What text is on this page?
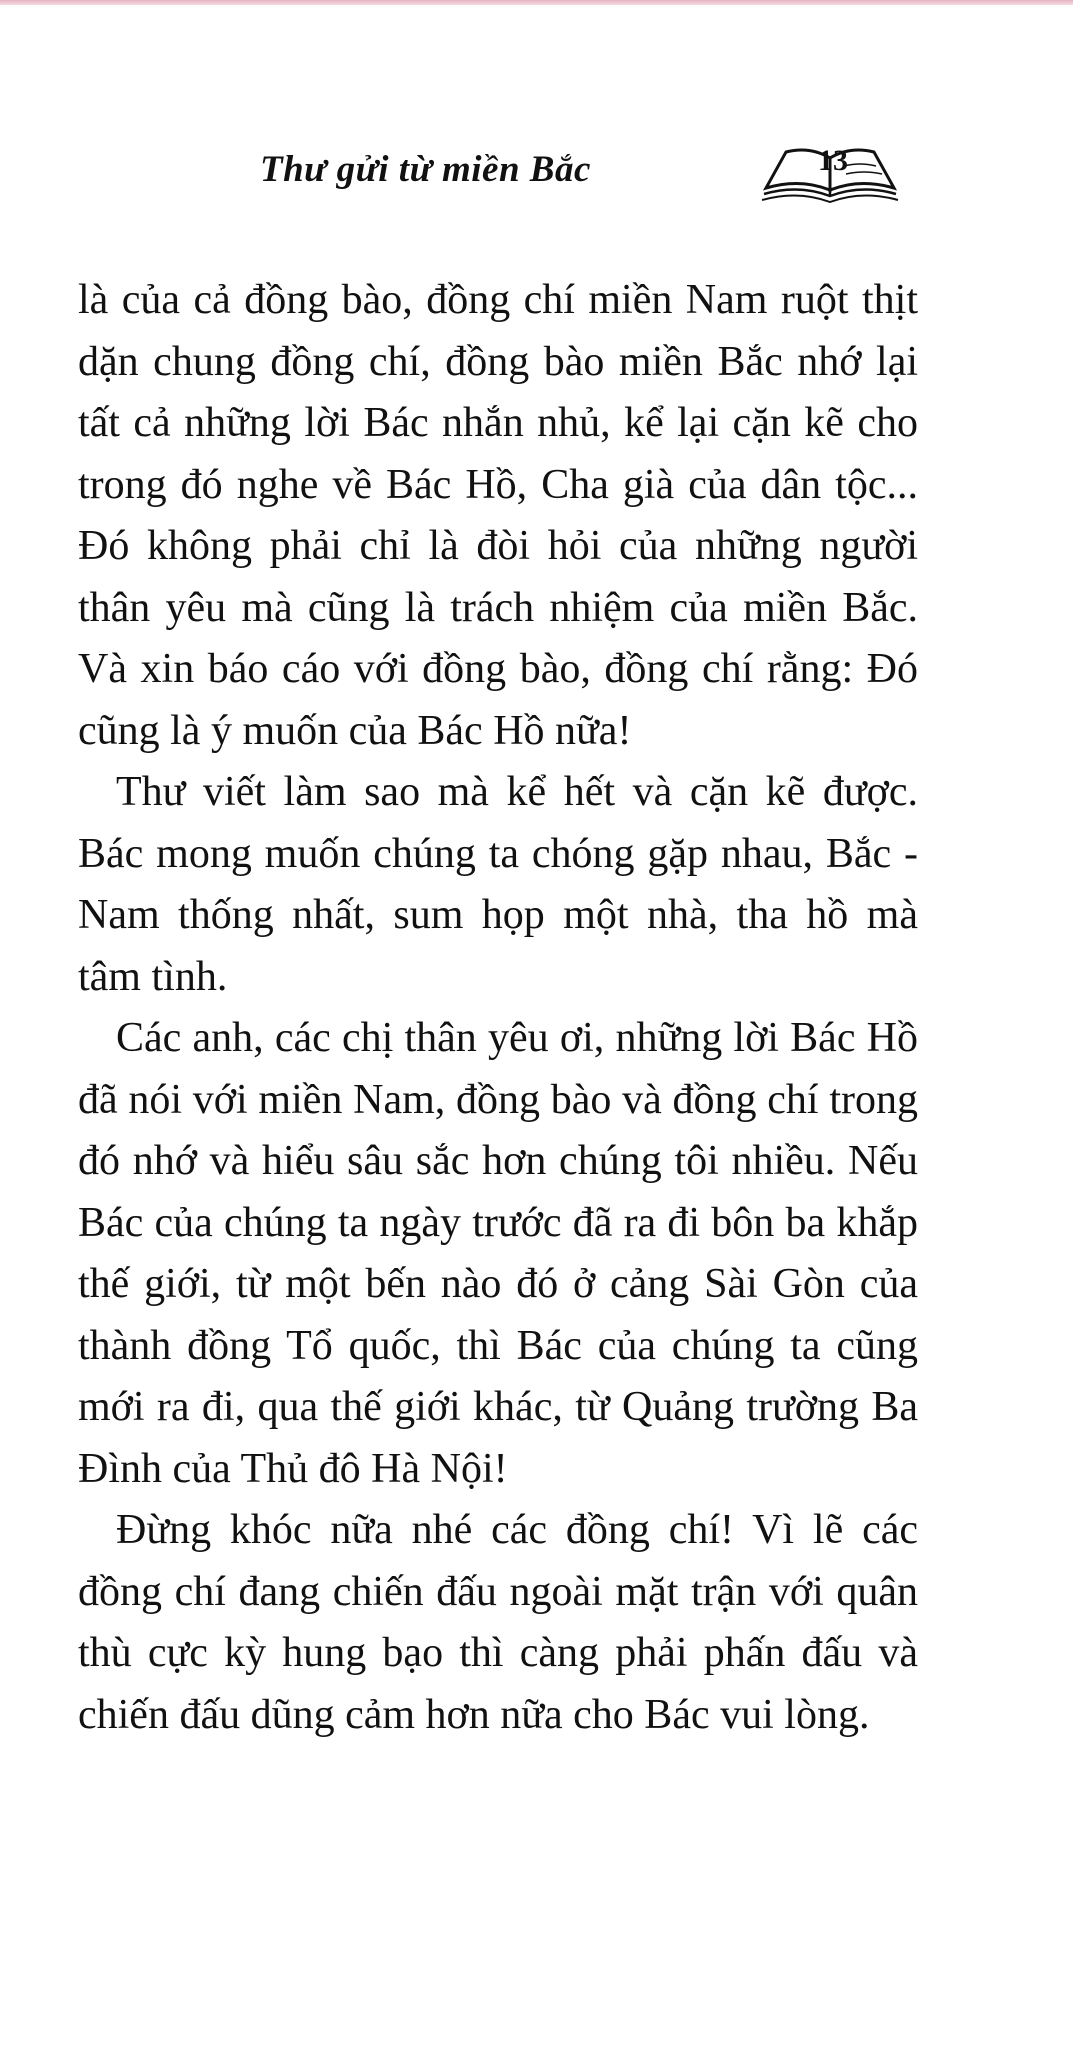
Thư gửi từ miền Bắc	13

là của cả đồng bào, đồng chí miền Nam ruột thịt dặn chung đồng chí, đồng bào miền Bắc nhớ lại tất cả những lời Bác nhắn nhủ, kể lại cặn kẽ cho trong đó nghe về Bác Hồ, Cha già của dân tộc... Đó không phải chỉ là đòi hỏi của những người thân yêu mà cũng là trách nhiệm của miền Bắc. Và xin báo cáo với đồng bào, đồng chí rằng: Đó cũng là ý muốn của Bác Hồ nữa!

Thư viết làm sao mà kể hết và cặn kẽ được. Bác mong muốn chúng ta chóng gặp nhau, Bắc - Nam thống nhất, sum họp một nhà, tha hồ mà tâm tình.

Các anh, các chị thân yêu ơi, những lời Bác Hồ đã nói với miền Nam, đồng bào và đồng chí trong đó nhớ và hiểu sâu sắc hơn chúng tôi nhiều. Nếu Bác của chúng ta ngày trước đã ra đi bôn ba khắp thế giới, từ một bến nào đó ở cảng Sài Gòn của thành đồng Tổ quốc, thì Bác của chúng ta cũng mới ra đi, qua thế giới khác, từ Quảng trường Ba Đình của Thủ đô Hà Nội!

Đừng khóc nữa nhé các đồng chí! Vì lẽ các đồng chí đang chiến đấu ngoài mặt trận với quân thù cực kỳ hung bạo thì càng phải phấn đấu và chiến đấu dũng cảm hơn nữa cho Bác vui lòng.
